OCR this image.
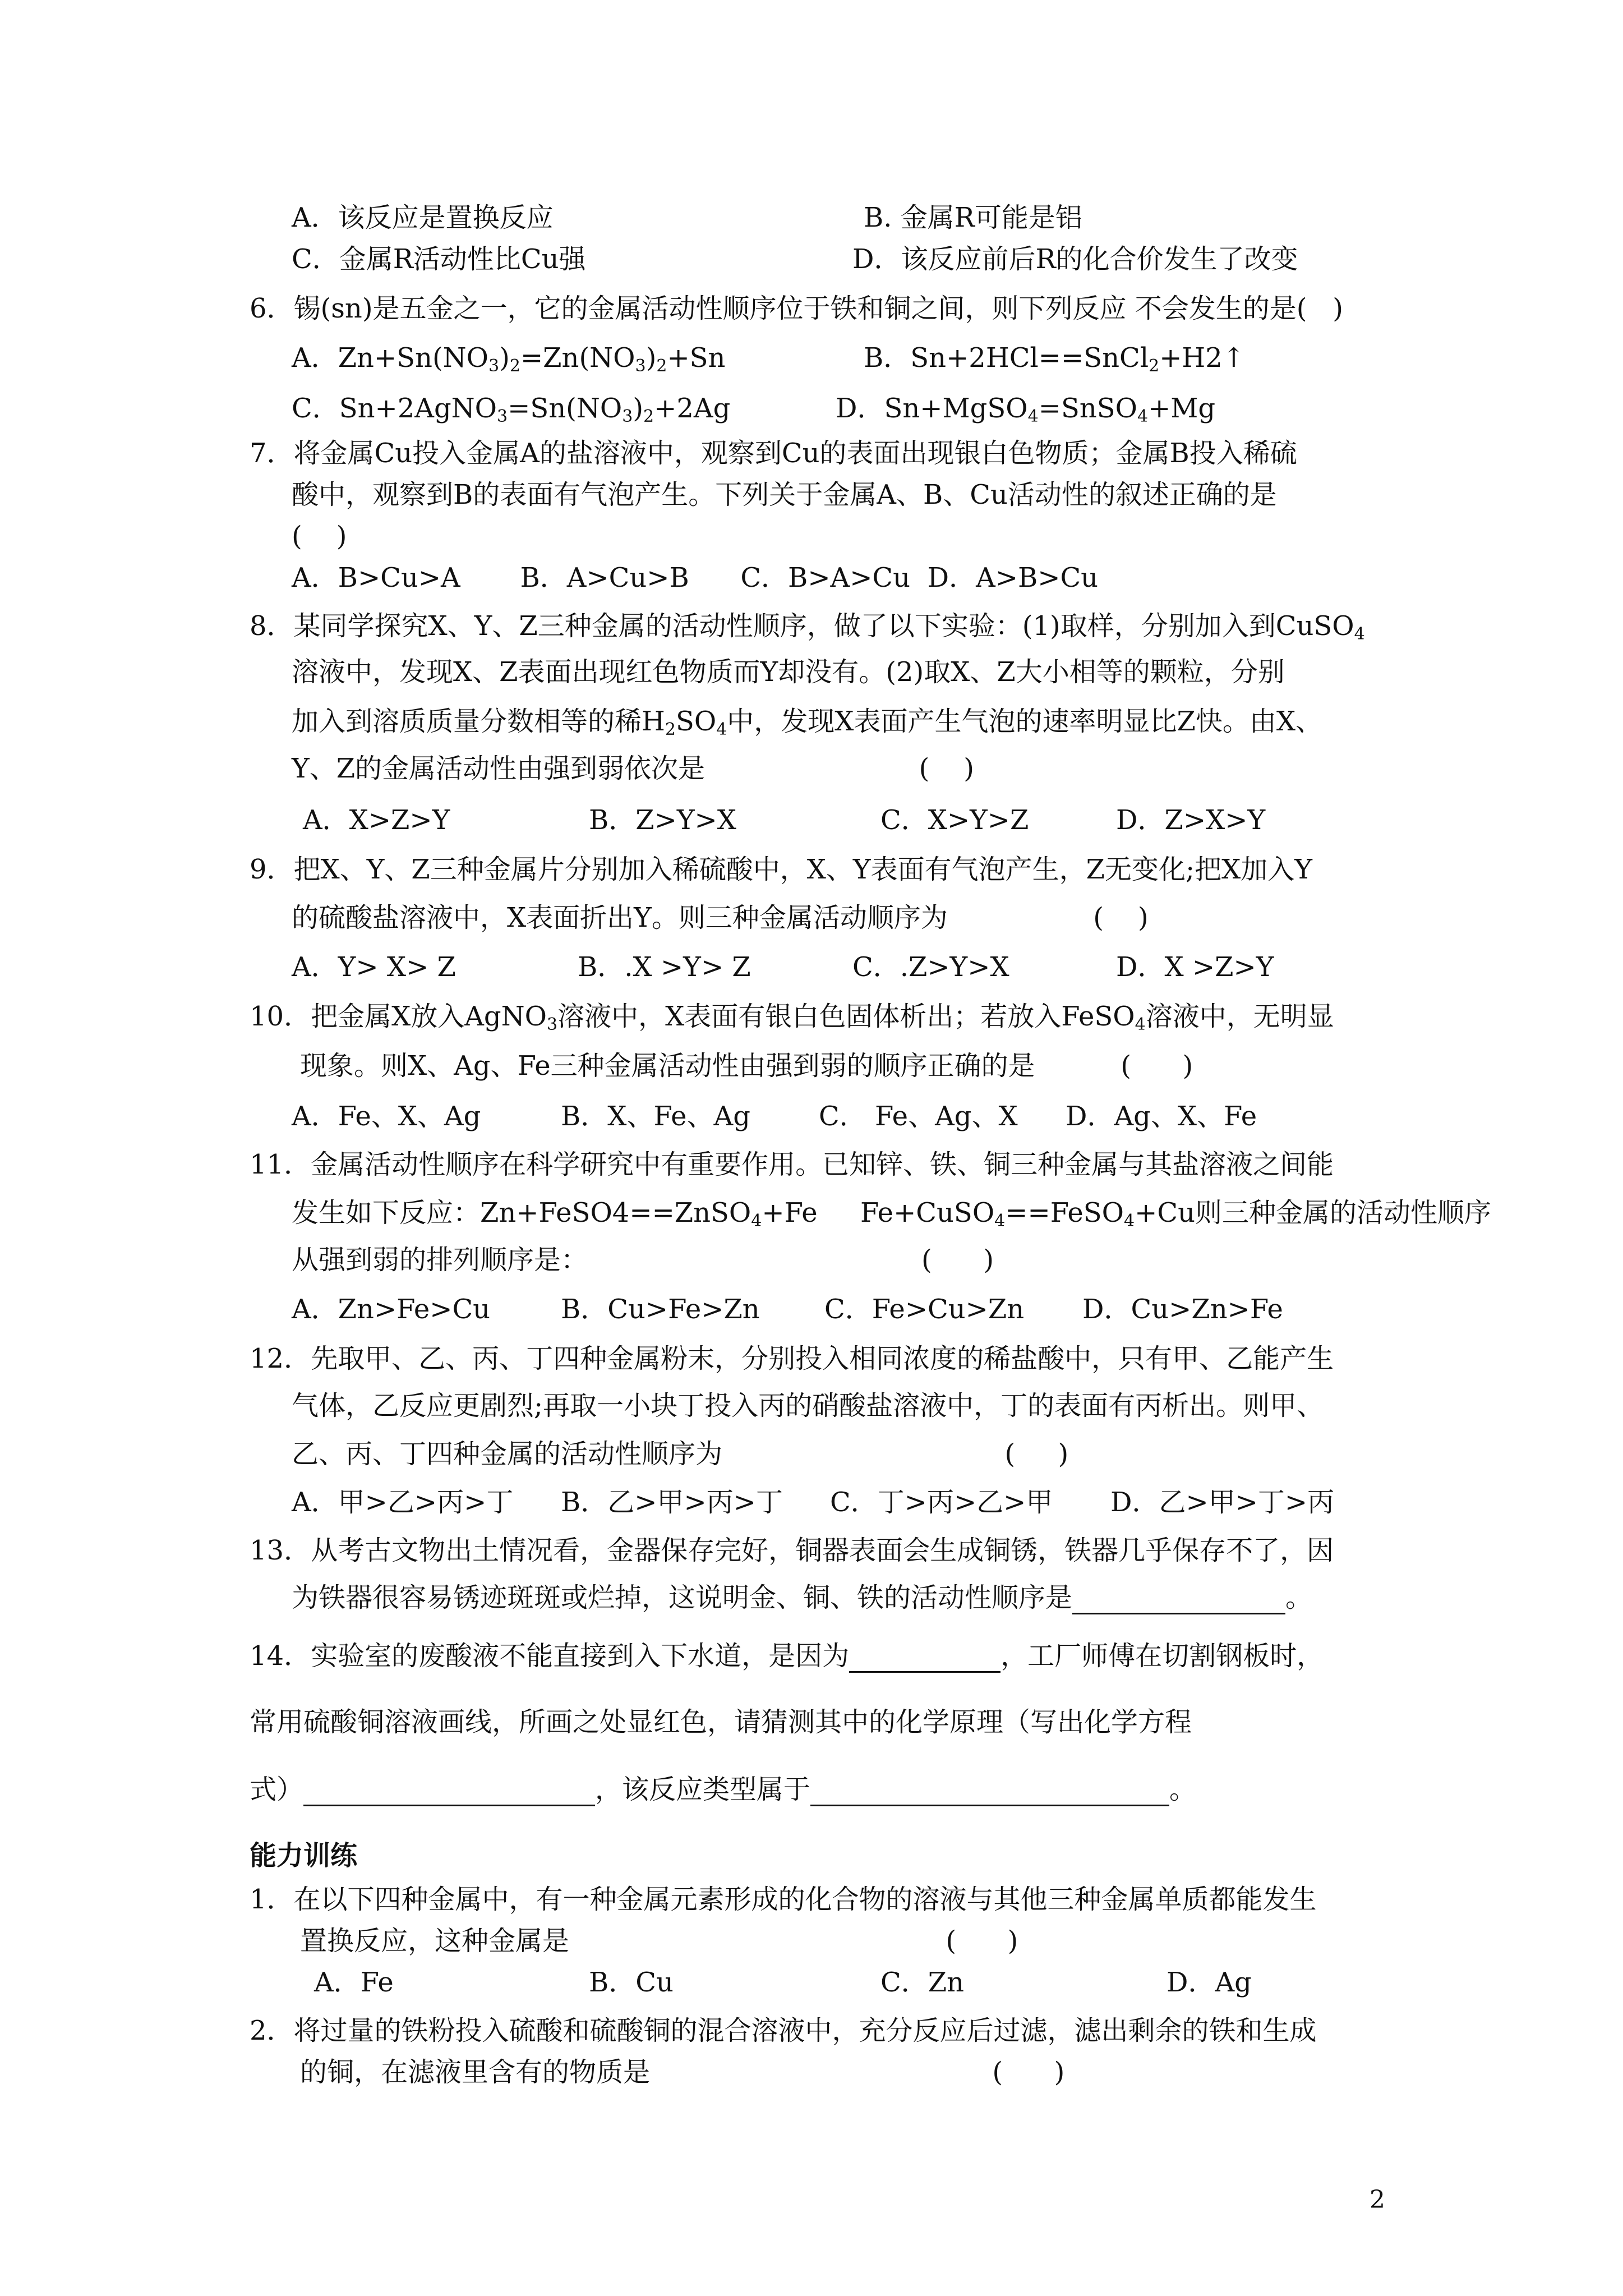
A．该反应是置换反应	B. 金属R可能是铝
C．金属R活动性比Cu强	D．该反应前后R的化合价发生了改变
6．锡(sn)是五金之一，它的金属活动性顺序位于铁和铜之间，则下列反应 不会发生的是(   )
A．$Zn+Sn(NO_3)_2=Zn(NO_3)_2+Sn$	B．Sn+2HCl==SnCl$_2$+H2↑
C．$Sn+2AgNO_3=Sn(NO_3)_2+2Ag$	D．Sn+MgSO$_4$=SnSO$_4$+Mg
7．将金属Cu投入金属A的盐溶液中，观察到Cu的表面出现银白色物质；金属B投入稀硫
酸中，观察到B的表面有气泡产生。下列关于金属A、B、Cu活动性的叙述正确的是
(    )
A．B>Cu>A       B．A>Cu>B      C．B>A>Cu  D．A>B>Cu
8．某同学探究X、Y、Z三种金属的活动性顺序，做了以下实验：(1)取样，分别加入到CuSO$_4$
溶液中，发现X、Z表面出现红色物质而Y却没有。(2)取X、Z大小相等的颗粒，分别
加入到溶质质量分数相等的稀$H_2SO_4$中，发现X表面产生气泡的速率明显比Z快。由X、
Y、Z的金属活动性由强到弱依次是                         (    )
A．X>Z>Y	B．Z>Y>X	C．X>Y>Z	D．Z>X>Y
9．把X、Y、Z三种金属片分别加入稀硫酸中，X、Y表面有气泡产生，Z无变化;把X加入Y
的硫酸盐溶液中，X表面折出Y。则三种金属活动顺序为                 (    )
A．Y> X> Z	B．.X >Y> Z	C．.Z>Y>X	D．X >Z>Y
10．把金属X放入AgNO$_3$溶液中，X表面有银白色固体析出；若放入FeSO$_4$溶液中，无明显
现象。则X、Ag、Fe三种金属活动性由强到弱的顺序正确的是          (      )
A．Fe、X、Ag	B．X、Fe、Ag	C． Fe、Ag、X D．Ag、X、Fe
11．金属活动性顺序在科学研究中有重要作用。已知锌、铁、铜三种金属与其盐溶液之间能
发生如下反应：Zn+FeSO4==ZnSO$_4$+Fe     Fe+CuSO$_4$==FeSO$_4$+Cu则三种金属的活动性顺序
从强到弱的排列顺序是：                                       (      )
A．Zn>Fe>Cu	B．Cu>Fe>Zn C．Fe>Cu>Zn D．Cu>Zn>Fe
12．先取甲、乙、丙、丁四种金属粉末，分别投入相同浓度的稀盐酸中，只有甲、乙能产生
气体，乙反应更剧烈;再取一小块丁投入丙的硝酸盐溶液中，丁的表面有丙析出。则甲、
乙、丙、丁四种金属的活动性顺序为                                 (     )
A．甲>乙>丙>丁 B．乙>甲>丙>丁 C．丁>丙>乙>甲 D．乙>甲>丁>丙
13．从考古文物出土情况看，金器保存完好，铜器表面会生成铜锈，铁器几乎保存不了，因
为铁器很容易锈迹斑斑或烂掉，这说明金、铜、铁的活动性顺序是	。
14．实验室的废酸液不能直接到入下水道，是因为	，工厂师傅在切割钢板时，
常用硫酸铜溶液画线，所画之处显红色，请猜测其中的化学原理（写出化学方程
式）	，该反应类型属于	。
能力训练
1．在以下四种金属中，有一种金属元素形成的化合物的溶液与其他三种金属单质都能发生
置换反应，这种金属是                                            (      )
A．Fe	B．Cu	C．Zn	D．Ag
2．将过量的铁粉投入硫酸和硫酸铜的混合溶液中，充分反应后过滤，滤出剩余的铁和生成
的铜，在滤液里含有的物质是                                        (      )
2
